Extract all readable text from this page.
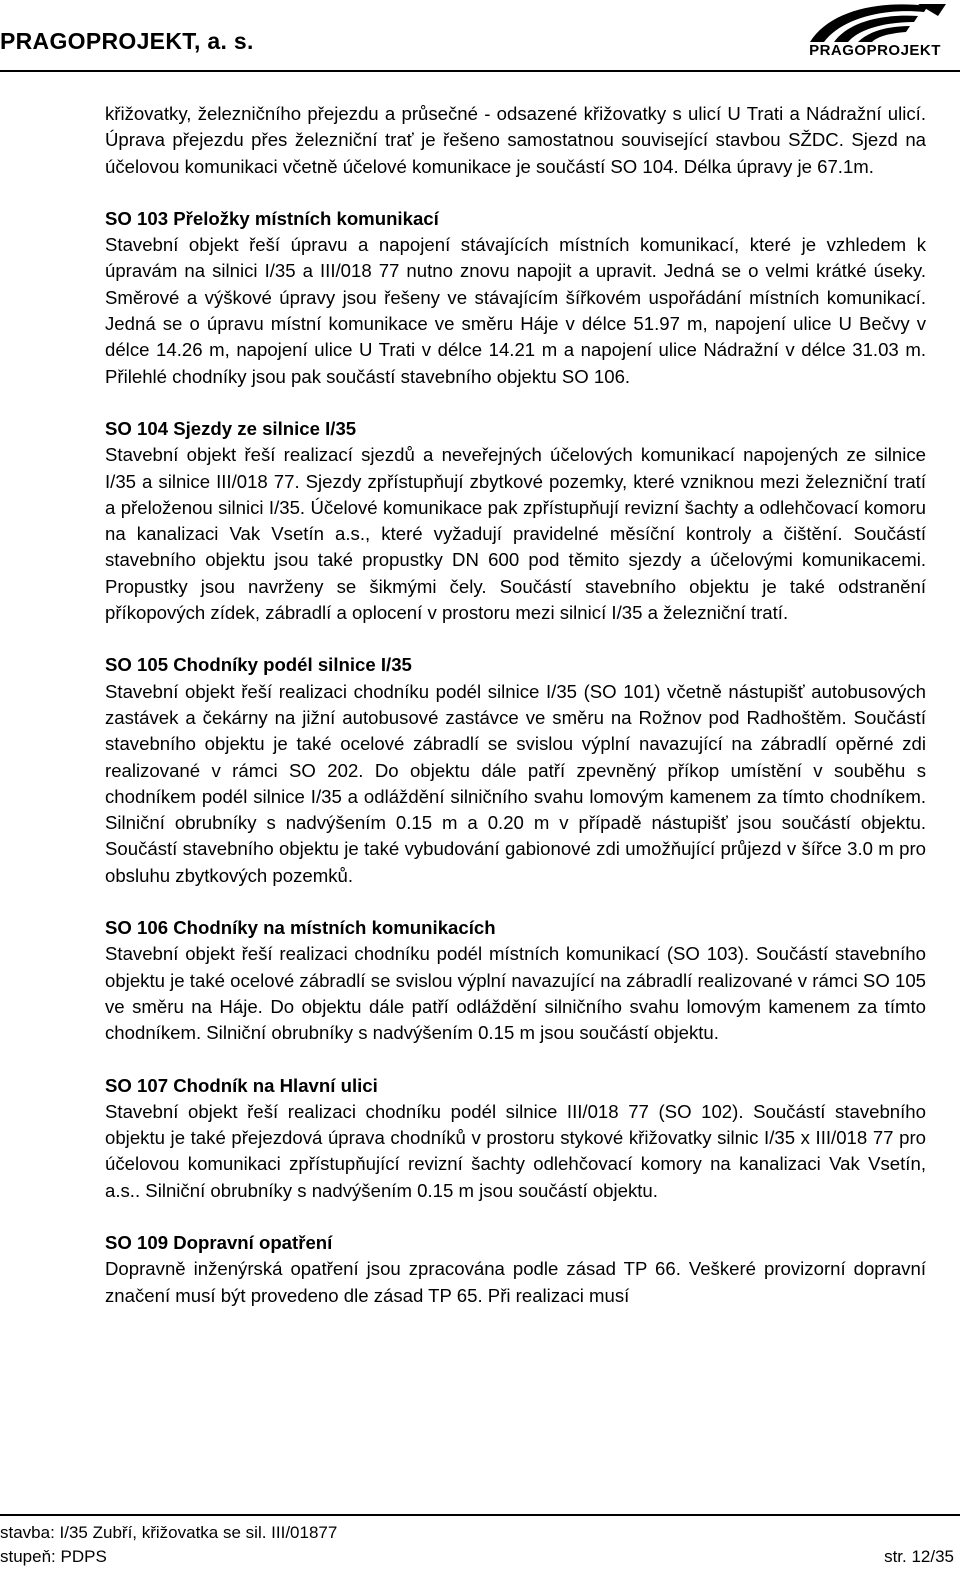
PRAGOPROJEKT, a. s.	PRAGOPROJEKT

křižovatky, železničního přejezdu a průsečné - odsazené křižovatky s ulicí U Trati a Nádražní ulicí. Úprava přejezdu přes železniční trať je řešeno samostatnou související stavbou SŽDC. Sjezd na účelovou komunikaci včetně účelové komunikace je součástí SO 104. Délka úpravy je 67.1m.

SO 103 Přeložky místních komunikací

Stavební objekt řeší úpravu a napojení stávajících místních komunikací, které je vzhledem k úpravám na silnici I/35 a III/018 77 nutno znovu napojit a upravit. Jedná se o velmi krátké úseky. Směrové a výškové úpravy jsou řešeny ve stávajícím šířkovém uspořádání místních komunikací. Jedná se o úpravu místní komunikace ve směru Háje v délce 51.97 m, napojení ulice U Bečvy v délce 14.26 m, napojení ulice U Trati v délce 14.21 m a napojení ulice Nádražní v délce 31.03 m. Přilehlé chodníky jsou pak součástí stavebního objektu SO 106.

SO 104 Sjezdy ze silnice I/35

Stavební objekt řeší realizací sjezdů a neveřejných účelových komunikací napojených ze silnice I/35 a silnice III/018 77. Sjezdy zpřístupňují zbytkové pozemky, které vzniknou mezi železniční tratí a přeloženou silnici I/35. Účelové komunikace pak zpřístupňují revizní šachty a odlehčovací komoru na kanalizaci Vak Vsetín a.s., které vyžadují pravidelné měsíční kontroly a čištění. Součástí stavebního objektu jsou také propustky DN 600 pod těmito sjezdy a účelovými komunikacemi. Propustky jsou navrženy se šikmými čely. Součástí stavebního objektu je také odstranění příkopových zídek, zábradlí a oplocení v prostoru mezi silnicí I/35 a železniční tratí.

SO 105 Chodníky podél silnice I/35

Stavební objekt řeší realizaci chodníku podél silnice I/35 (SO 101) včetně nástupišť autobusových zastávek a čekárny na jižní autobusové zastávce ve směru na Rožnov pod Radhoštěm. Součástí stavebního objektu je také ocelové zábradlí se svislou výplní navazující na zábradlí opěrné zdi realizované v rámci SO 202. Do objektu dále patří zpevněný příkop umístění v souběhu s chodníkem podél silnice I/35 a odláždění silničního svahu lomovým kamenem za tímto chodníkem. Silniční obrubníky s nadvýšením 0.15 m a 0.20 m v případě nástupišť jsou součástí objektu. Součástí stavebního objektu je také vybudování gabionové zdi umožňující průjezd v šířce 3.0 m pro obsluhu zbytkových pozemků.

SO 106 Chodníky na místních komunikacích

Stavební objekt řeší realizaci chodníku podél místních komunikací (SO 103). Součástí stavebního objektu je také ocelové zábradlí se svislou výplní navazující na zábradlí realizované v rámci SO 105 ve směru na Háje. Do objektu dále patří odláždění silničního svahu lomovým kamenem za tímto chodníkem. Silniční obrubníky s nadvýšením 0.15 m jsou součástí objektu.

SO 107 Chodník na Hlavní ulici

Stavební objekt řeší realizaci chodníku podél silnice III/018 77 (SO 102). Součástí stavebního objektu je také přejezdová úprava chodníků v prostoru stykové křižovatky silnic I/35 x III/018 77 pro účelovou komunikaci zpřístupňující revizní šachty odlehčovací komory na kanalizaci Vak Vsetín, a.s.. Silniční obrubníky s nadvýšením 0.15 m jsou součástí objektu.

SO 109 Dopravní opatření

Dopravně inženýrská opatření jsou zpracována podle zásad TP 66. Veškeré provizorní dopravní značení musí být provedeno dle zásad TP 65. Při realizaci musí

stavba: I/35 Zubří, křižovatka se sil. III/01877
stupeň: PDPS	str. 12/35
